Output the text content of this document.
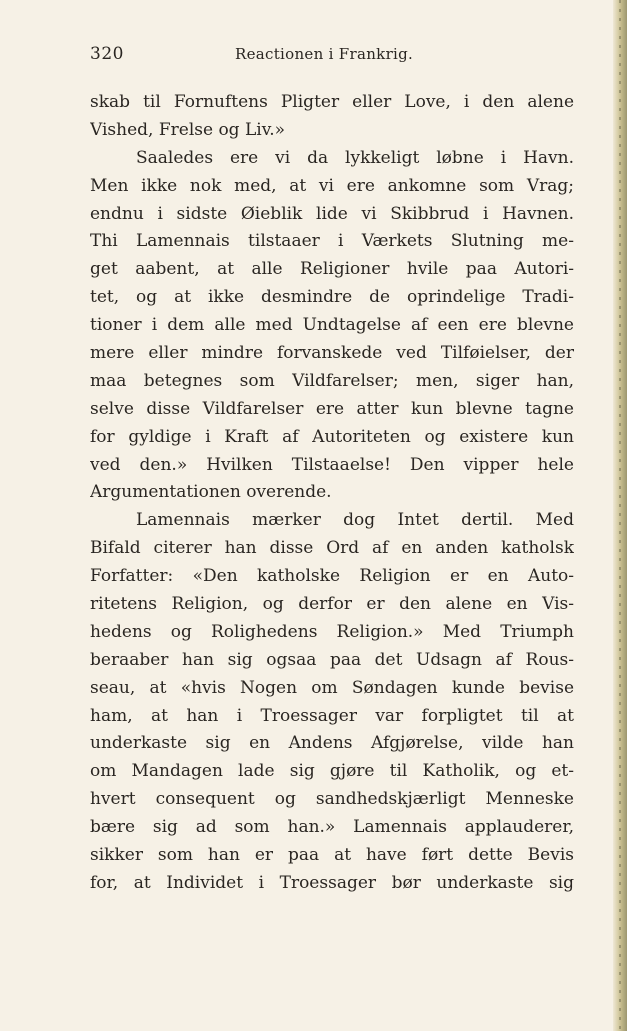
320	Reactionen i Frankrig.
skab til Fornuftens Pligter eller Love, i den alene
Vished, Frelse og Liv.»
Saaledes ere vi da lykkeligt løbne i Havn.
Men ikke nok med, at vi ere ankomne som Vrag;
endnu i sidste Øieblik lide vi Skibbrud i Havnen.
Thi Lamennais tilstaaer i Værkets Slutning me-
get aabent, at alle Religioner hvile paa Autori-
tet, og at ikke desmindre de oprindelige Tradi-
tioner i dem alle med Undtagelse af een ere blevne
mere eller mindre forvanskede ved Tilføielser, der
maa betegnes som Vildfarelser; men, siger han,
selve disse Vildfarelser ere atter kun blevne tagne
for gyldige i Kraft af Autoriteten og existere kun
ved den.» Hvilken Tilstaaelse! Den vipper hele
Argumentationen overende.
Lamennais mærker dog Intet dertil. Med
Bifald citerer han disse Ord af en anden katholsk
Forfatter: «Den katholske Religion er en Auto-
ritetens Religion, og derfor er den alene en Vis-
hedens og Rolighedens Religion.» Med Triumph
beraaber han sig ogsaa paa det Udsagn af Rous-
seau, at «hvis Nogen om Søndagen kunde bevise
ham, at han i Troessager var forpligtet til at
underkaste sig en Andens Afgjørelse, vilde han
om Mandagen lade sig gjøre til Katholik, og et-
hvert consequent og sandhedskjærligt Menneske
bære sig ad som han.» Lamennais applauderer,
sikker som han er paa at have ført dette Bevis
for, at Individet i Troessager bør underkaste sig
